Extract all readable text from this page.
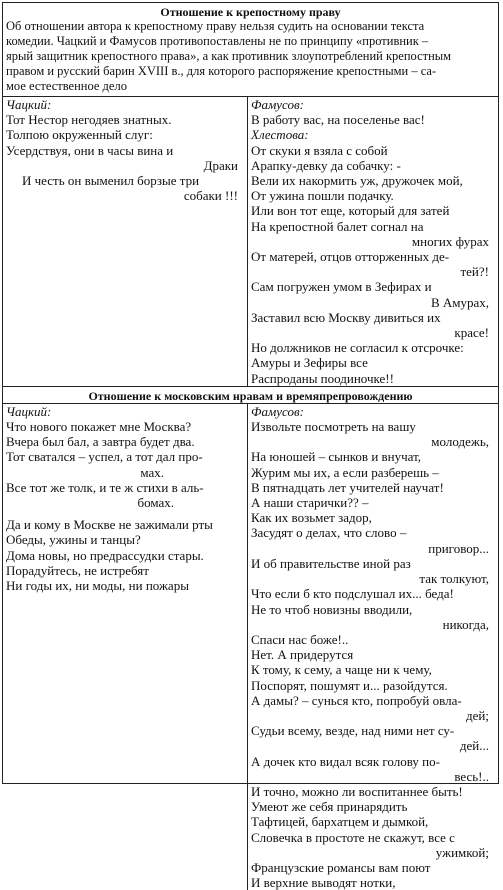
Отношение к крепостному праву
Об отношении автора к крепостному праву нельзя судить на основании текста
комедии. Чацкий и Фамусов противопоставлены не по принципу «противник –
ярый защитник крепостного права», а как противник злоупотреблений крепостным
правом и русский барин XVIII в., для которого распоряжение крепостными – са-
мое естественное дело
Чацкий:
Тот Нестор негодяев знатных.
Толпою окруженный слуг:
Усердствуя, они в часы вина и
Драки
И честь он выменил борзые три
собаки !!!
Фамусов:
В работу вас, на поселенье вас!
Хлестова:
От скуки я взяла с собой
Арапку-девку да собачку: -
Вели их накормить уж, дружочек мой,
От ужина пошли подачку.
Или вон тот еще, который для затей
На крепостной балет согнал на
многих фурах
От матерей, отцов отторженных де-
тей?!
Сам погружен умом в Зефирах и
В Амурах,
Заставил всю Москву дивиться их
красе!
Но должников не согласил к отсрочке:
Амуры и Зефиры все
Распроданы поодиночке!!
Отношение к московским нравам и времяпрепровождению
Чацкий:
Что нового покажет мне Москва?
Вчера был бал, а завтра будет два.
Тот сватался – успел, а тот дал про-
мах.
Все тот же толк, и те ж стихи в аль-
бомах.
Да и кому в Москве не зажимали рты
Обеды, ужины и танцы?
Дома новы, но предрассудки стары.
Порадуйтесь, не истребят
Ни годы их, ни моды, ни пожары
Фамусов:
Извольте посмотреть на вашу
молодежь,
На юношей – сынков и внучат,
Журим мы их, а если разберешь –
В пятнадцать лет учителей научат!
А наши старички?? –
Как их возьмет задор,
Засудят о делах, что слово –
приговор...
И об правительстве иной раз
так толкуют,
Что если б кто подслушал их... беда!
Не то чтоб новизны вводили,
никогда,
Спаси нас боже!..
Нет. А придерутся
К тому, к сему, а чаще ни к чему,
Поспорят, пошумят и... разойдутся.
А дамы? – сунься кто, попробуй овла-
дей;
Судьи всему, везде, над ними нет су-
дей...
А дочек кто видал всяк голову по-
весь!..
И точно, можно ли воспитаннее быть!
Умеют же себя принарядить
Тафтицей, бархатцем и дымкой,
Словечка в простоте не скажут, все с
ужимкой;
Французские романсы вам поют
И верхние выводят нотки,
